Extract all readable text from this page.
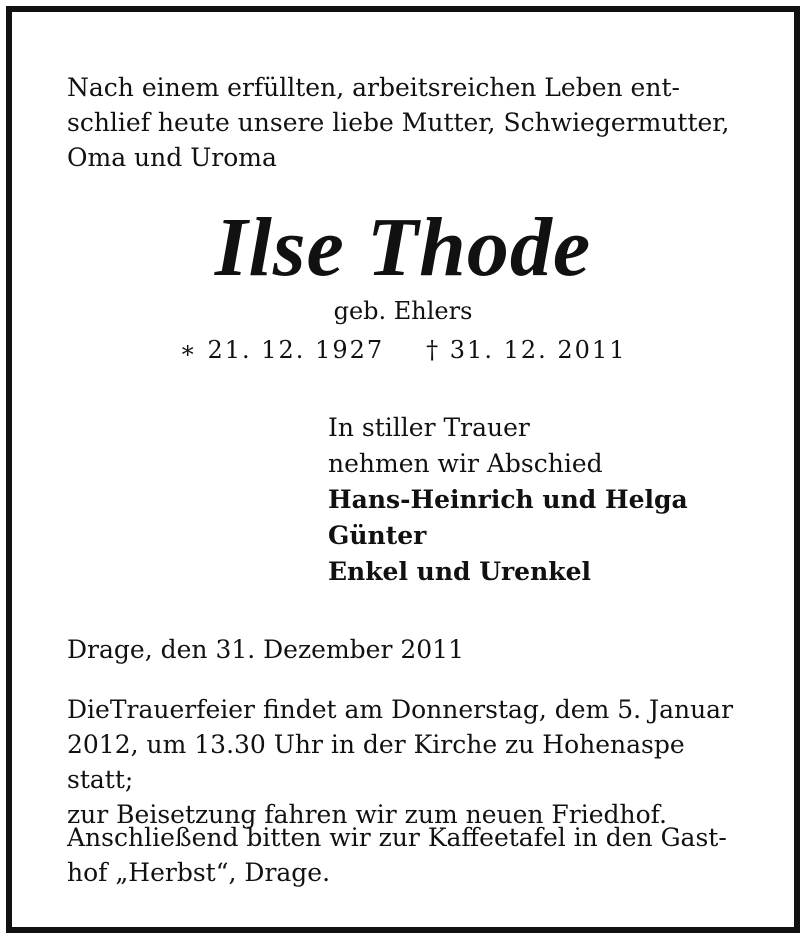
Nach einem erfüllten, arbeitsreichen Leben ent-
schlief heute unsere liebe Mutter, Schwiegermutter,
Oma und Uroma
Ilse Thode
geb. Ehlers
∗ 21. 12. 1927 † 31. 12. 2011
In stiller Trauer
nehmen wir Abschied
Hans-Heinrich und Helga
Günter
Enkel und Urenkel
Drage, den 31. Dezember 2011
DieTrauerfeier findet am Donnerstag, dem 5. Januar
2012, um 13.30 Uhr in der Kirche zu Hohenaspe statt;
zur Beisetzung fahren wir zum neuen Friedhof.
Anschließend bitten wir zur Kaffeetafel in den Gast-
hof „Herbst“, Drage.
